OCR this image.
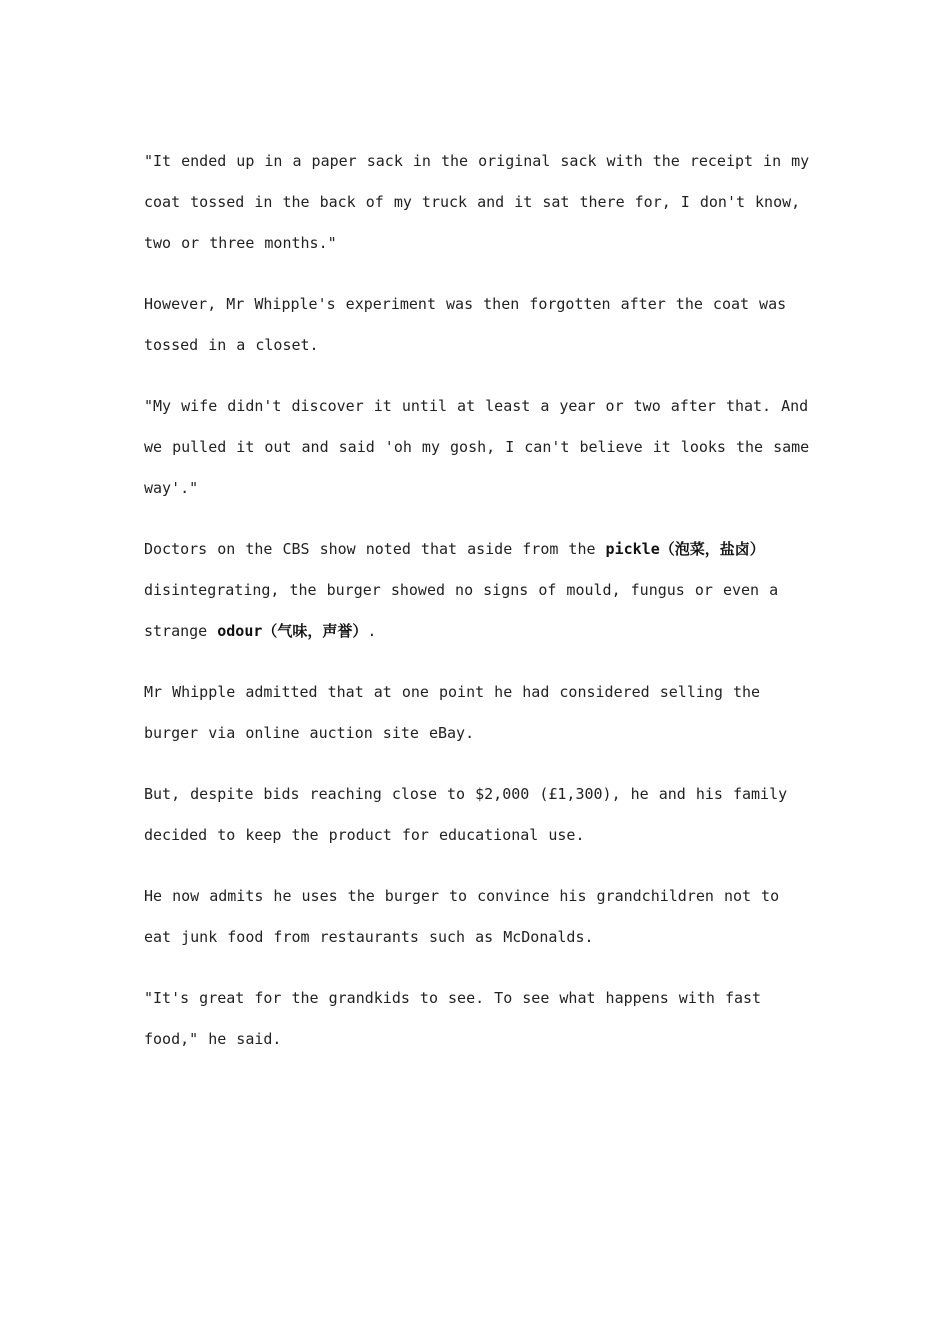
"It ended up in a paper sack in the original sack with the receipt in my coat tossed in the back of my truck and it sat there for, I don't know, two or three months."

However, Mr Whipple's experiment was then forgotten after the coat was tossed in a closet.

"My wife didn't discover it until at least a year or two after that. And we pulled it out and said 'oh my gosh, I can't believe it looks the same way'."

Doctors on the CBS show noted that aside from the pickle（泡菜，盐卤） disintegrating, the burger showed no signs of mould, fungus or even a strange odour（气味，声誉）.

Mr Whipple admitted that at one point he had considered selling the burger via online auction site eBay.

But, despite bids reaching close to $2,000 (£1,300), he and his family decided to keep the product for educational use.

He now admits he uses the burger to convince his grandchildren not to eat junk food from restaurants such as McDonalds.

"It's great for the grandkids to see. To see what happens with fast food," he said.
